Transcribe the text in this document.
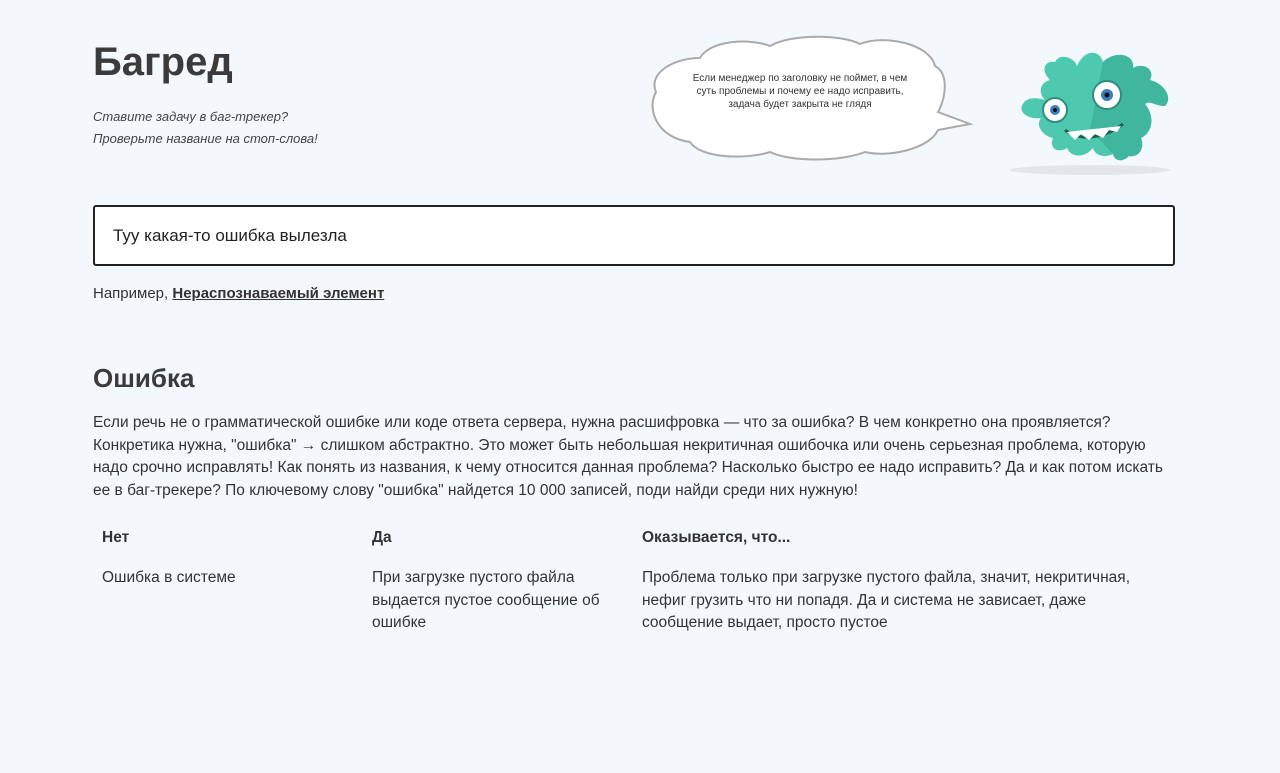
Багред
Ставите задачу в баг-трекер?
Проверьте название на стоп-слова!
Если менеджер по заголовку не поймет, в чем суть проблемы и почему ее надо исправить, задача будет закрыта не глядя
Туу какая-то ошибка вылезла
Например, Нераспознаваемый элемент
Ошибка

Если речь не о грамматической ошибке или коде ответа сервера, нужна расшифровка — что за ошибка? В чем конкретно она проявляется? Конкретика нужна, "ошибка" → слишком абстрактно. Это может быть небольшая некритичная ошибочка или очень серьезная проблема, которую надо срочно исправлять! Как понять из названия, к чему относится данная проблема? Насколько быстро ее надо исправить? Да и как потом искать ее в баг-трекере? По ключевому слову "ошибка" найдется 10 000 записей, поди найди среди них нужную!

Нет	Да	Оказывается, что...
Ошибка в системе	При загрузке пустого файла выдается пустое сообщение об ошибке	Проблема только при загрузке пустого файла, значит, некритичная, нефиг грузить что ни попадя. Да и система не зависает, даже сообщение выдает, просто пустое
